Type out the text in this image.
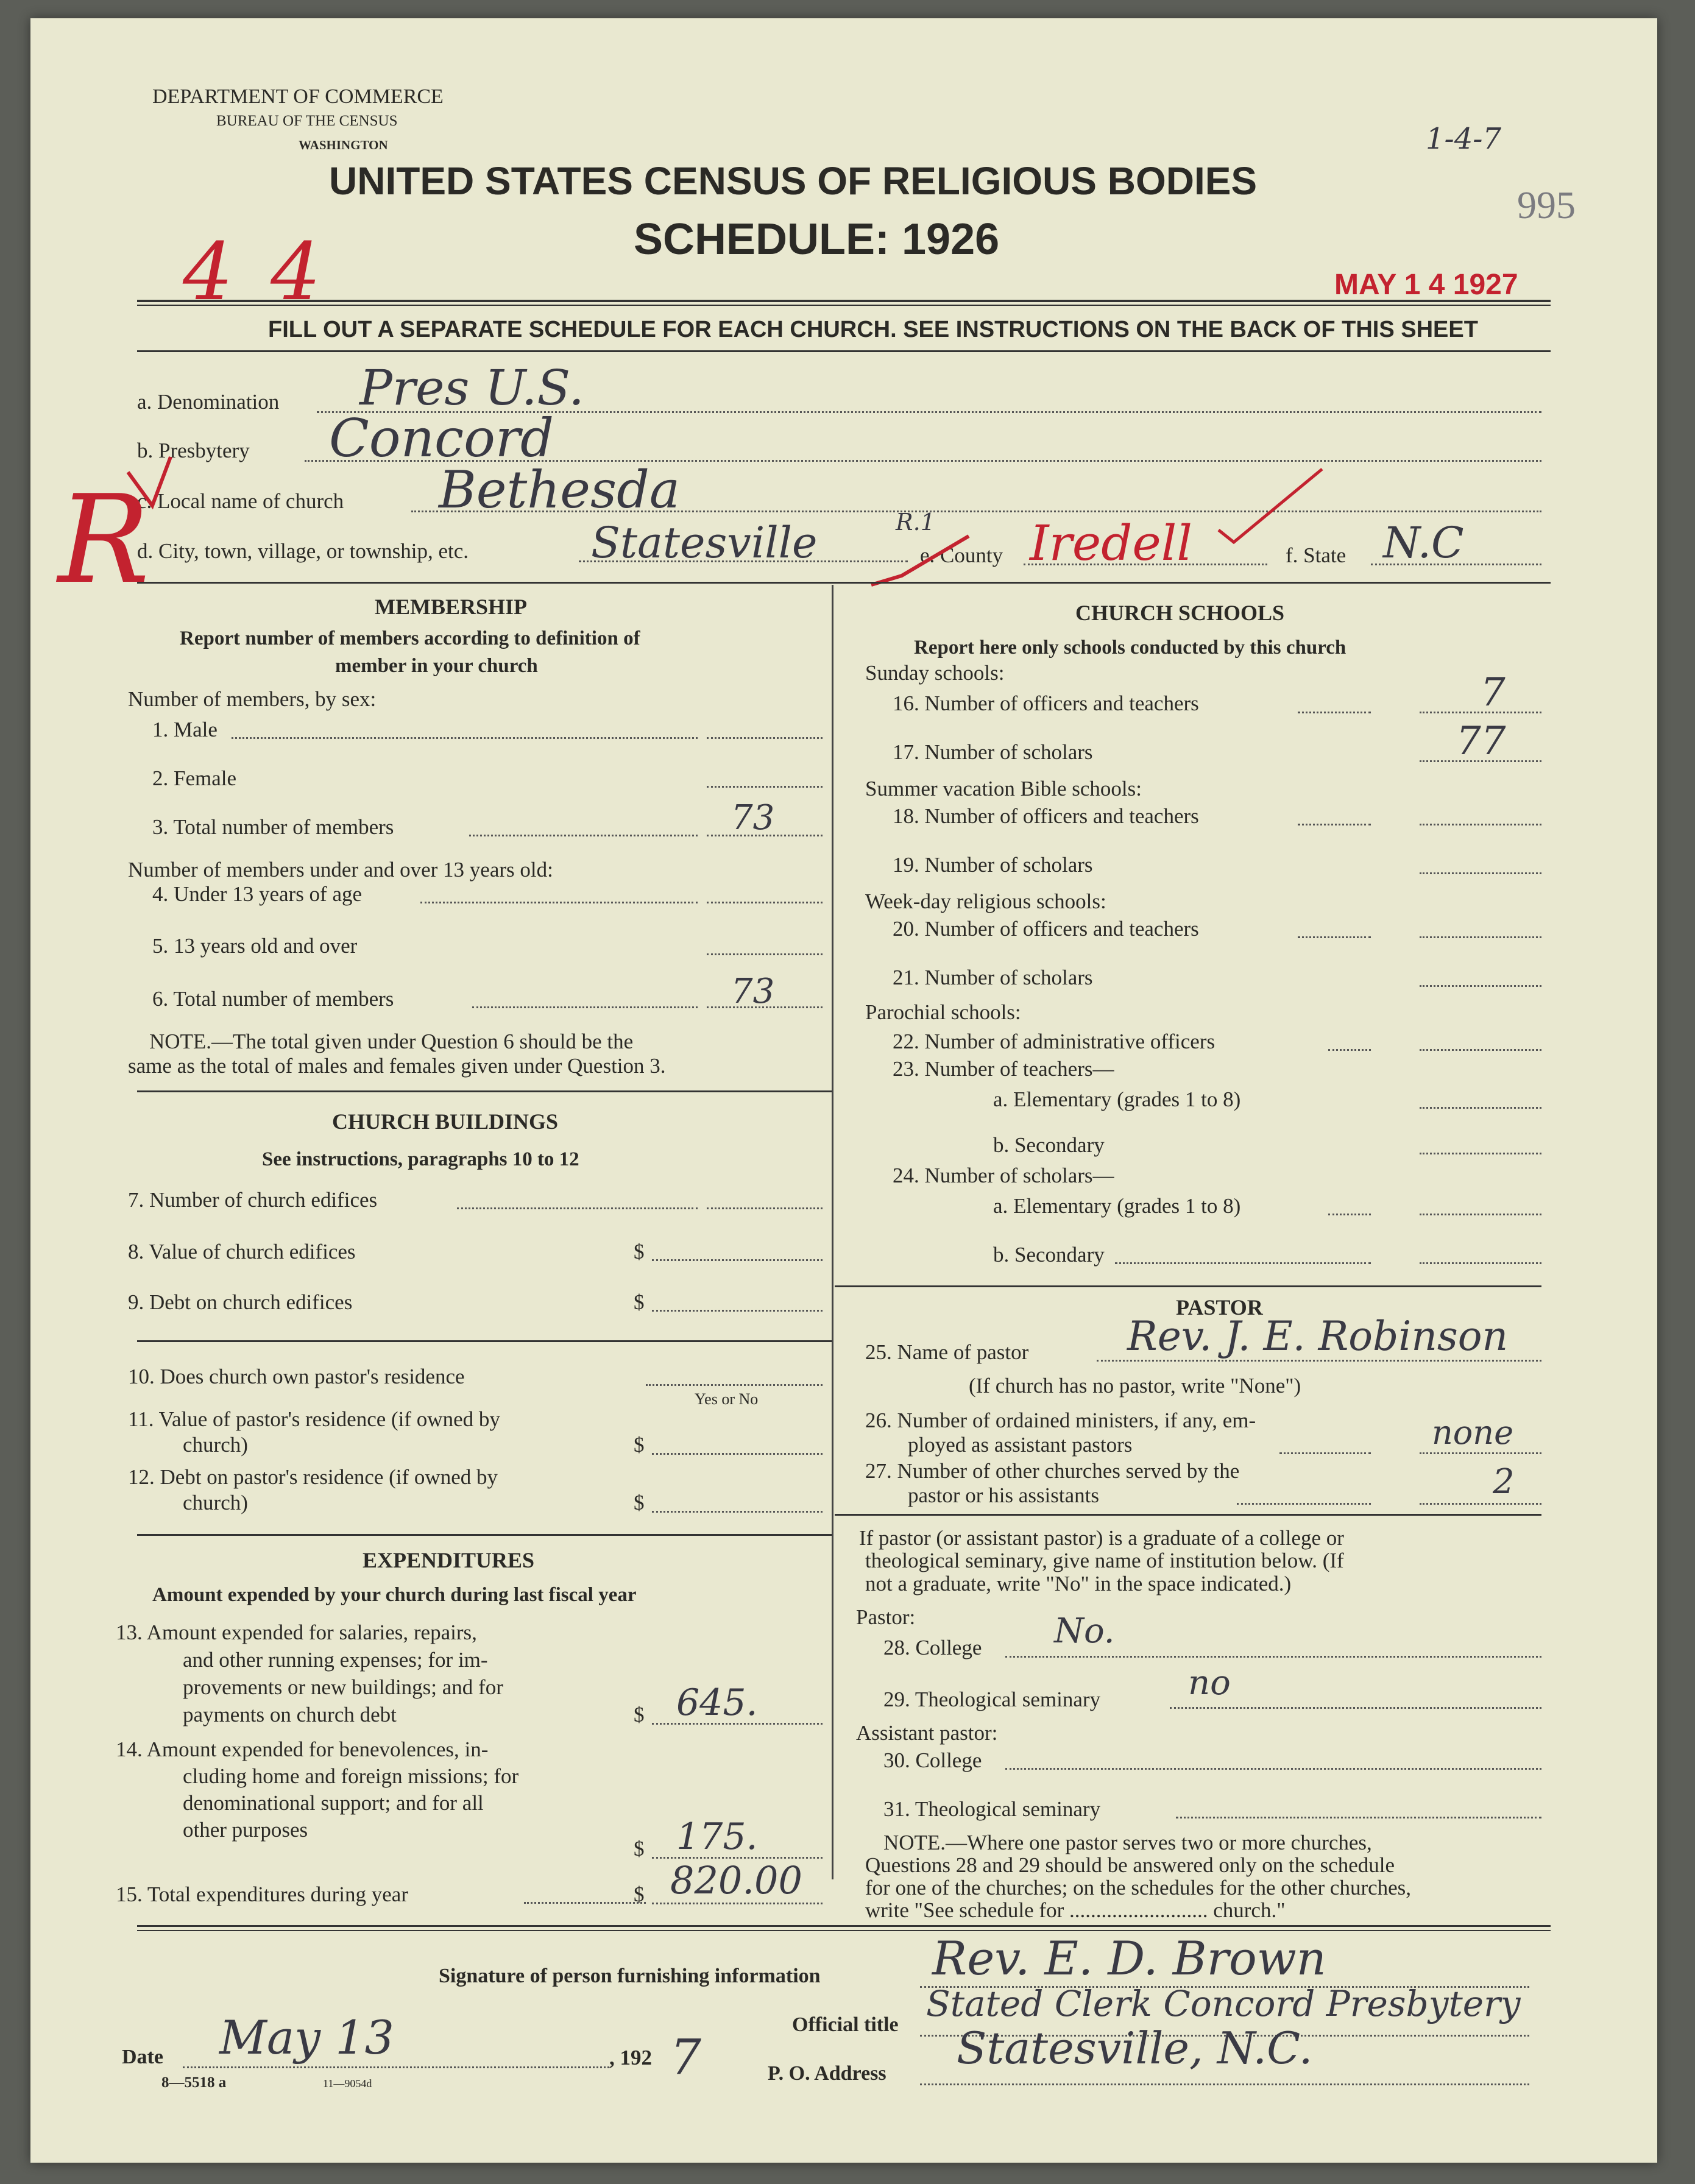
DEPARTMENT OF COMMERCE
BUREAU OF THE CENSUS
WASHINGTON
UNITED STATES CENSUS OF RELIGIOUS BODIES
SCHEDULE: 1926
4 4
1-4-7
995
MAY 1 4 1927
FILL OUT A SEPARATE SCHEDULE FOR EACH CHURCH. SEE INSTRUCTIONS ON THE BACK OF THIS SHEET
a. Denomination Pres U.S.
b. Presbytery Concord
c. Local name of church Bethesda
d. City, town, village, or township, etc.	Statesville	R.1
e. County Iredell	f. State N.C
R	MEMBERSHIP
Report number of members according to definition of
member in your church
Number of members, by sex:
1. Male
2. Female
3. Total number of members	73
Number of members under and over 13 years old:
4. Under 13 years of age
5. 13 years old and over
6. Total number of members	73
NOTE.—The total given under Question 6 should be the
same as the total of males and females given under Question 3.
CHURCH BUILDINGS
See instructions, paragraphs 10 to 12
7. Number of church edifices
8. Value of church edifices	$
9. Debt on church edifices	$
10. Does church own pastor's residence
Yes or No
11. Value of pastor's residence (if owned by
church)	$
12. Debt on pastor's residence (if owned by
church)	$
EXPENDITURES
Amount expended by your church during last fiscal year
13. Amount expended for salaries, repairs,
and other running expenses; for im-
provements or new buildings; and for
payments on church debt	$ 645.
14. Amount expended for benevolences, in-
cluding home and foreign missions; for
denominational support; and for all
other purposes
$ 175.
15. Total expenditures during year	$ 820.00
CHURCH SCHOOLS
Report here only schools conducted by this church
Sunday schools:
16. Number of officers and teachers	7
17. Number of scholars	77
Summer vacation Bible schools:
18. Number of officers and teachers
19. Number of scholars
Week-day religious schools:
20. Number of officers and teachers
21. Number of scholars
Parochial schools:
22. Number of administrative officers
23. Number of teachers—
a. Elementary (grades 1 to 8)
b. Secondary
24. Number of scholars—
a. Elementary (grades 1 to 8)
b. Secondary
PASTOR
25. Name of pastor Rev. J. E. Robinson
(If church has no pastor, write "None")
26. Number of ordained ministers, if any, em-
ployed as assistant pastors	none
27. Number of other churches served by the
pastor or his assistants	2
If pastor (or assistant pastor) is a graduate of a college or
theological seminary, give name of institution below. (If
not a graduate, write "No" in the space indicated.)
Pastor:
28. College No.
29. Theological seminary	no
Assistant pastor:
30. College
31. Theological seminary
NOTE.—Where one pastor serves two or more churches,
Questions 28 and 29 should be answered only on the schedule
for one of the churches; on the schedules for the other churches,
write "See schedule for .......................... church."
Signature of person furnishing information Rev. E. D. Brown
Official title
Stated Clerk Concord Presbytery
Date May 13	, 192 7
8—5518 a	11—9054d	P. O. Address Statesville, N.C.
